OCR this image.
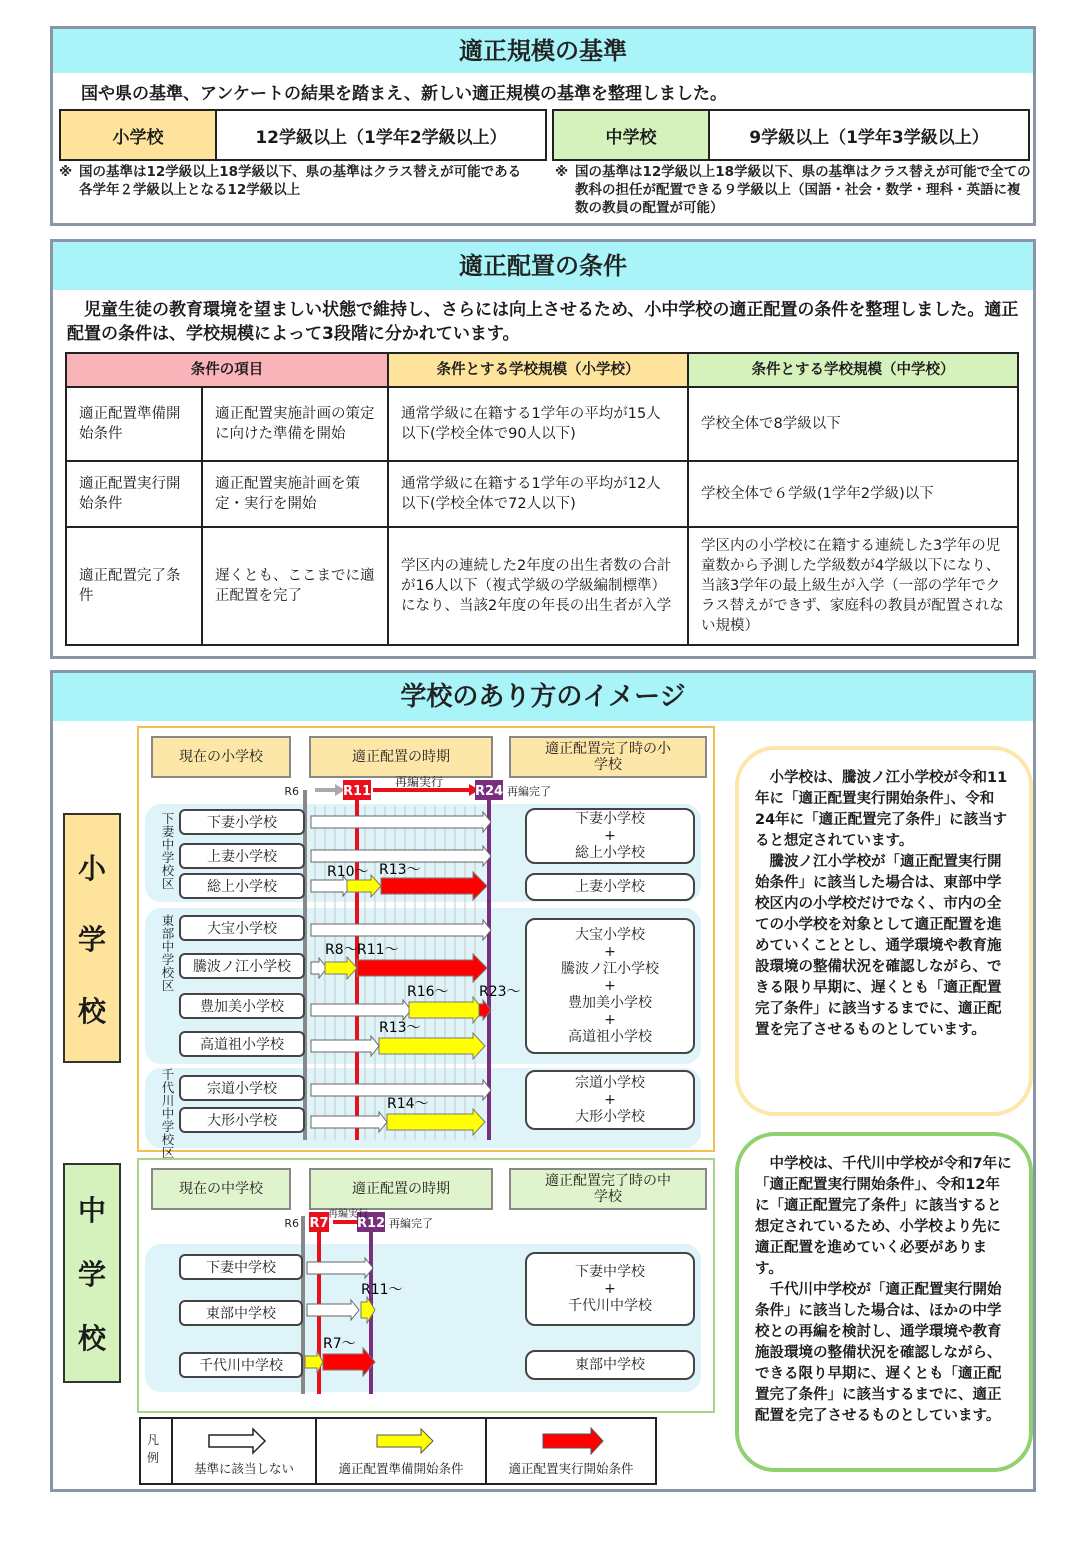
適正規模の基準
国や県の基準、アンケートの結果を踏まえ、新しい適正規模の基準を整理しました。
小学校	12学級以上（1学年2学級以上）	中学校	9学級以上（1学年3学級以上）
※ 国の基準は12学級以上18学級以下、県の基準はクラス替えが可能である各学年２学級以上となる12学級以上
※ 国の基準は12学級以上18学級以下、県の基準はクラス替えが可能で全ての教科の担任が配置できる９学級以上（国語・社会・数学・理科・英語に複数の教員の配置が可能）
適正配置の条件
児童生徒の教育環境を望ましい状態で維持し、さらには向上させるため、小中学校の適正配置の条件を整理しました。適正配置の条件は、学校規模によって3段階に分かれています。
条件の項目		条件とする学校規模（小学校）	条件とする学校規模（中学校）
適正配置準備開始条件	適正配置実施計画の策定に向けた準備を開始	通常学級に在籍する1学年の平均が15人以下(学校全体で90人以下)	学校全体で8学級以下
適正配置実行開始条件	適正配置実施計画を策定・実行を開始	通常学級に在籍する1学年の平均が12人以下(学校全体で72人以下)	学校全体で６学級(1学年2学級)以下
適正配置完了条件	遅くとも、ここまでに適正配置を完了	学区内の連続した2年度の出生者数の合計が16人以下（複式学級の学級編制標準）になり、当該2年度の年長の出生者が入学	学区内の小学校に在籍する連続した3学年の児童数から予測した学級数が4学級以下になり、当該3学年の最上級生が入学（一部の学年でクラス替えができず、家庭科の教員が配置されない規模）
学校のあり方のイメージ
小
学
校
中
学
校
現在の小学校	適正配置の時期	適正配置完了時の小学校
R11	R24
R6
再編実行
再編完了
R10～ R13～
R8～ R11～
R16～ R23～
R13～
R14～
下妻中学校区
東部中学校区
千代川中学校区
下妻小学校
上妻小学校
総上小学校
大宝小学校
騰波ノ江小学校
豊加美小学校
高道祖小学校
宗道小学校
大形小学校
下妻小学校
+
総上小学校
上妻小学校
大宝小学校
+
騰波ノ江小学校
+
豊加美小学校
+
高道祖小学校
宗道小学校
+
大形小学校
現在の中学校	適正配置の時期	適正配置完了時の中学校
R7 R12
R6
再編実行
再編完了
R11～
R7～
下妻中学校
東部中学校
千代川中学校
下妻中学校
+
千代川中学校
東部中学校
凡例
基準に該当しない	適正配置準備開始条件	適正配置実行開始条件

小学校は、騰波ノ江小学校が令和11年に「適正配置実行開始条件」、令和24年に「適正配置完了条件」に該当すると想定されています。

騰波ノ江小学校が「適正配置実行開始条件」に該当した場合は、東部中学校区内の小学校だけでなく、市内の全ての小学校を対象として適正配置を進めていくこととし、通学環境や教育施設環境の整備状況を確認しながら、できる限り早期に、遅くとも「適正配置完了条件」に該当するまでに、適正配置を完了させるものとしています。

中学校は、千代川中学校が令和7年に「適正配置実行開始条件」、令和12年に「適正配置完了条件」に該当すると想定されているため、小学校より先に適正配置を進めていく必要があります。

千代川中学校が「適正配置実行開始条件」に該当した場合は、ほかの中学校との再編を検討し、通学環境や教育施設環境の整備状況を確認しながら、できる限り早期に、遅くとも「適正配置完了条件」に該当するまでに、適正配置を完了させるものとしています。
